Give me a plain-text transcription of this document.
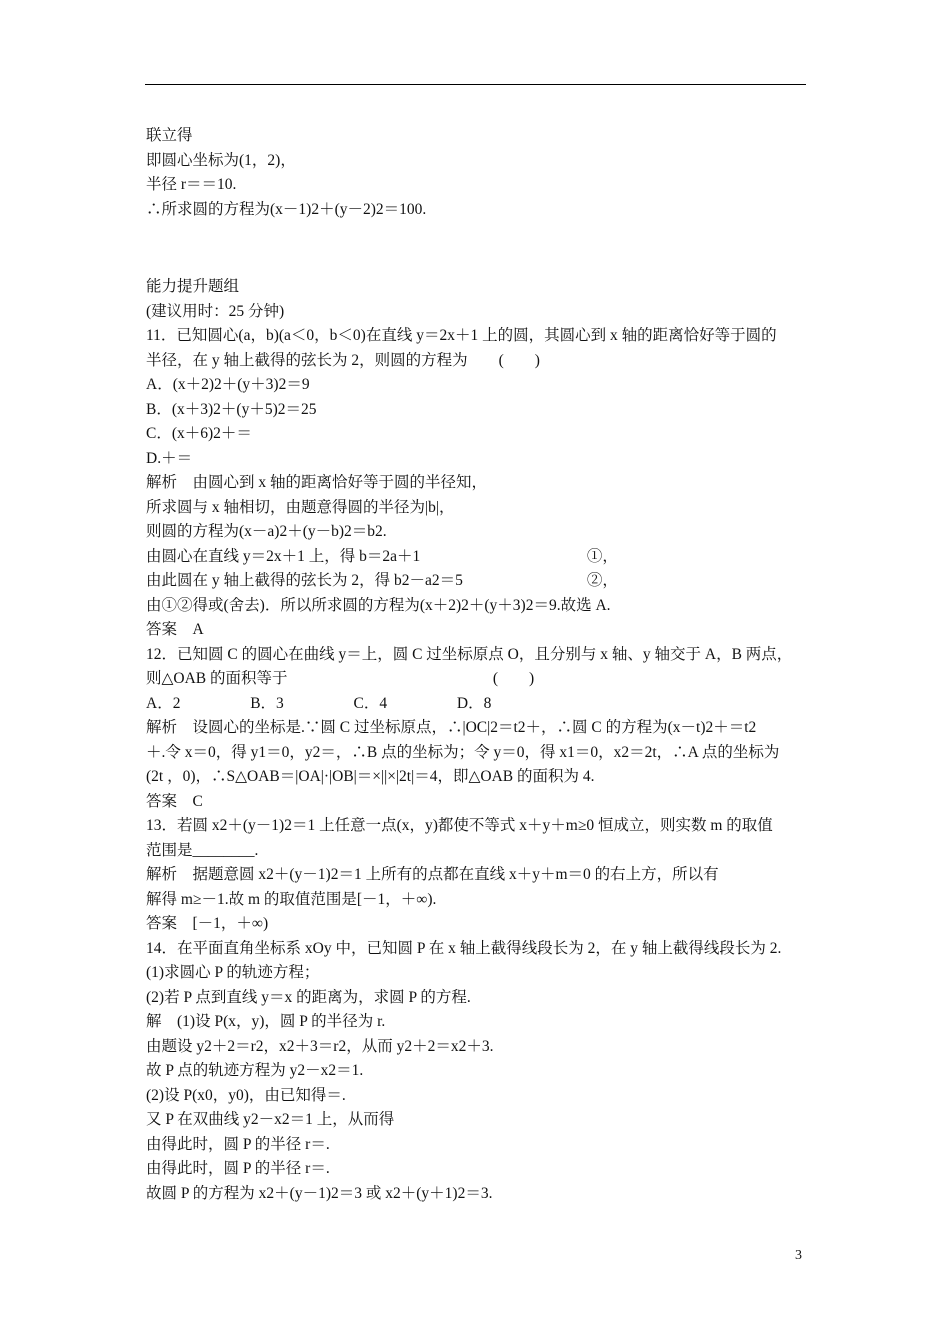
联立得
即圆心坐标为(1，2)，
半径 r＝＝10.
∴所求圆的方程为(x－1)2＋(y－2)2＝100.
能力提升题组
(建议用时：25 分钟)
11．已知圆心(a，b)(a＜0，b＜0)在直线 y＝2x＋1 上的圆，其圆心到 x 轴的距离恰好等于圆的
半径，在 y 轴上截得的弦长为 2，则圆的方程为        (        )
A．(x＋2)2＋(y＋3)2＝9
B．(x＋3)2＋(y＋5)2＝25
C．(x＋6)2＋＝
D.＋＝
解析    由圆心到 x 轴的距离恰好等于圆的半径知，
所求圆与 x 轴相切，由题意得圆的半径为|b|，
则圆的方程为(x－a)2＋(y－b)2＝b2.
由圆心在直线 y＝2x＋1 上，得 b＝2a＋1                                           ①，
由此圆在 y 轴上截得的弦长为 2，得 b2－a2＝5                                ②，
由①②得或(舍去)．所以所求圆的方程为(x＋2)2＋(y＋3)2＝9.故选 A.
答案    A
12．已知圆 C 的圆心在曲线 y＝上，圆 C 过坐标原点 O，且分别与 x 轴、y 轴交于 A，B 两点，
则△OAB 的面积等于                                                     (        )
A．2                  B．3                  C．4                  D．8
解析    设圆心的坐标是.∵圆 C 过坐标原点，∴|OC|2＝t2＋，∴圆 C 的方程为(x－t)2＋＝t2
＋.令 x＝0，得 y1＝0，y2＝，∴B 点的坐标为；令 y＝0，得 x1＝0，x2＝2t，∴A 点的坐标为
(2t ，0)，∴S△OAB＝|OA|·|OB|＝×||×|2t|＝4，即△OAB 的面积为 4.
答案    C
13．若圆 x2＋(y－1)2＝1 上任意一点(x，y)都使不等式 x＋y＋m≥0 恒成立，则实数 m 的取值
范围是________.
解析    据题意圆 x2＋(y－1)2＝1 上所有的点都在直线 x＋y＋m＝0 的右上方，所以有
解得 m≥－1.故 m 的取值范围是[－1，＋∞).
答案    [－1，＋∞)
14．在平面直角坐标系 xOy 中，已知圆 P 在 x 轴上截得线段长为 2，在 y 轴上截得线段长为 2.
(1)求圆心 P 的轨迹方程；
(2)若 P 点到直线 y＝x 的距离为，求圆 P 的方程.
解    (1)设 P(x，y)，圆 P 的半径为 r.
由题设 y2＋2＝r2，x2＋3＝r2，从而 y2＋2＝x2＋3.
故 P 点的轨迹方程为 y2－x2＝1.
(2)设 P(x0，y0)，由已知得＝.
又 P 在双曲线 y2－x2＝1 上，从而得
由得此时，圆 P 的半径 r＝.
由得此时，圆 P 的半径 r＝.
故圆 P 的方程为 x2＋(y－1)2＝3 或 x2＋(y＋1)2＝3.
3
